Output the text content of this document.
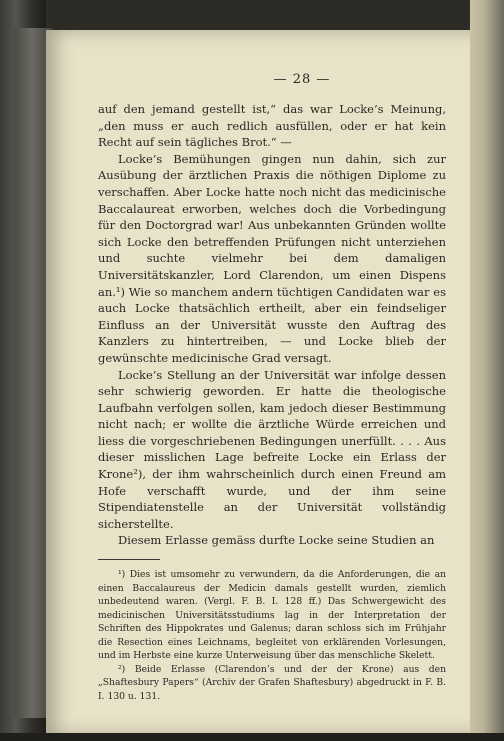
— 28 —

auf den jemand gestellt ist,“ das war Locke’s Meinung, „den muss er auch redlich ausfüllen, oder er hat kein Recht auf sein tägliches Brot.“ —

Locke’s Bemühungen gingen nun dahin, sich zur Ausübung der ärztlichen Praxis die nöthigen Diplome zu verschaffen. Aber Locke hatte noch nicht das medicinische Baccalaureat erworben, welches doch die Vorbedingung für den Doctorgrad war! Aus unbekannten Gründen wollte sich Locke den betreffenden Prüfungen nicht unterziehen und suchte vielmehr bei dem damaligen Universitätskanzler, Lord Clarendon, um einen Dispens an.¹) Wie so manchem andern tüchtigen Candidaten war es auch Locke thatsächlich ertheilt, aber ein feindseliger Einfluss an der Universität wusste den Auftrag des Kanzlers zu hintertreiben, — und Locke blieb der gewünschte medicinische Grad versagt.

Locke’s Stellung an der Universität war infolge dessen sehr schwierig geworden. Er hatte die theologische Laufbahn verfolgen sollen, kam jedoch dieser Bestimmung nicht nach; er wollte die ärztliche Würde erreichen und liess die vorgeschriebenen Bedingungen unerfüllt. . . . Aus dieser misslichen Lage befreite Locke ein Erlass der Krone²), der ihm wahrscheinlich durch einen Freund am Hofe verschafft wurde, und der ihm seine Stipendiatenstelle an der Universität vollständig sicherstellte.

Diesem Erlasse gemäss durfte Locke seine Studien an

¹) Dies ist umsomehr zu verwundern, da die Anforderungen, die an einen Baccalaureus der Medicin damals gestellt wurden, ziemlich unbedeutend waren. (Vergl. F. B. I. 128 ff.) Das Schwergewicht des medicinischen Universitätsstudiums lag in der Interpretation der Schriften des Hippokrates und Galenus; daran schloss sich im Frühjahr die Resection eines Leichnams, begleitet von erklärenden Vorlesungen, und im Herbste eine kurze Unterweisung über das menschliche Skelett.

²) Beide Erlasse (Clarendon’s und der der Krone) aus den „Shaftesbury Papers“ (Archiv der Grafen Shaftesbury) abgedruckt in F. B. I. 130 u. 131.
